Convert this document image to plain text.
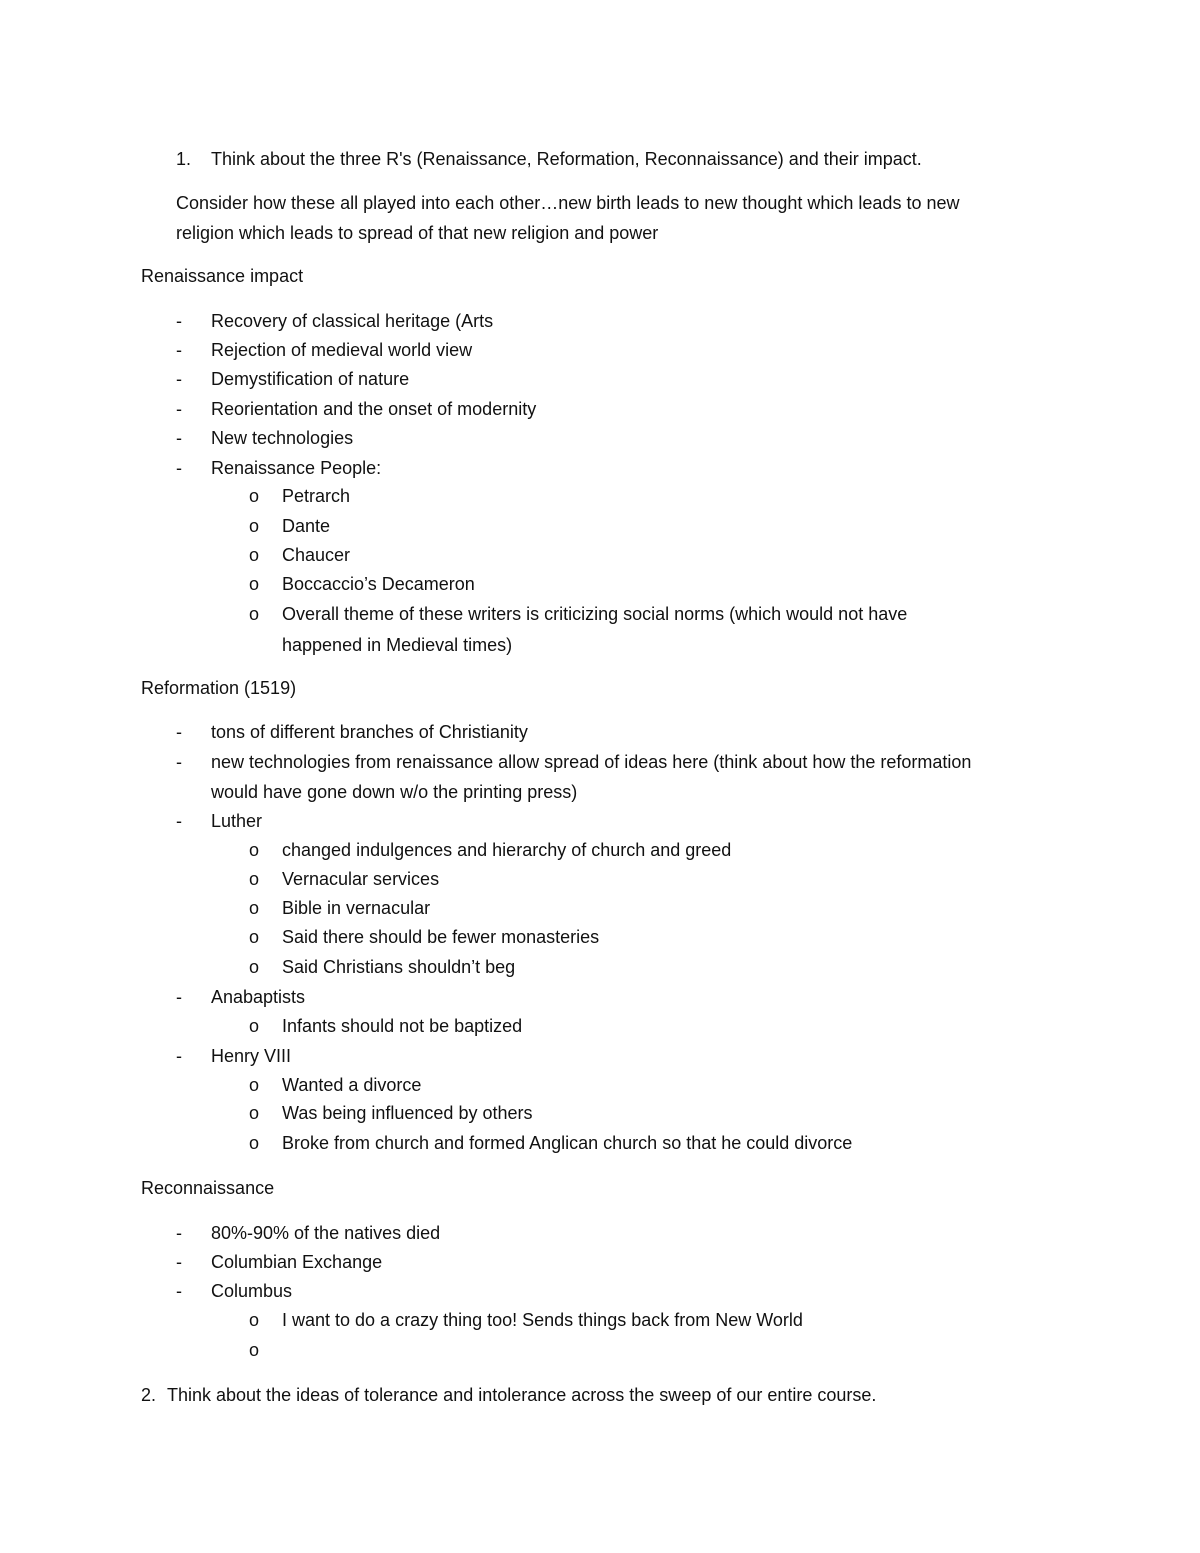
1. Think about the three R's (Renaissance, Reformation, Reconnaissance) and their impact.
Consider how these all played into each other…new birth leads to new thought which leads to new
religion which leads to spread of that new religion and power
Renaissance impact
- Recovery of classical heritage (Arts
- Rejection of medieval world view
- Demystification of nature
- Reorientation and the onset of modernity
- New technologies
- Renaissance People:
o Petrarch
o Dante
o Chaucer
o Boccaccio’s Decameron
o Overall theme of these writers is criticizing social norms (which would not have
happened in Medieval times)
Reformation (1519)
- tons of different branches of Christianity
- new technologies from renaissance allow spread of ideas here (think about how the reformation
would have gone down w/o the printing press)
- Luther
o changed indulgences and hierarchy of church and greed
o Vernacular services
o Bible in vernacular
o Said there should be fewer monasteries
o Said Christians shouldn’t beg
- Anabaptists
o Infants should not be baptized
- Henry VIII
o Wanted a divorce
o Was being influenced by others
o Broke from church and formed Anglican church so that he could divorce
Reconnaissance
- 80%-90% of the natives died
- Columbian Exchange
- Columbus
o I want to do a crazy thing too! Sends things back from New World
o
2. Think about the ideas of tolerance and intolerance across the sweep of our entire course.
